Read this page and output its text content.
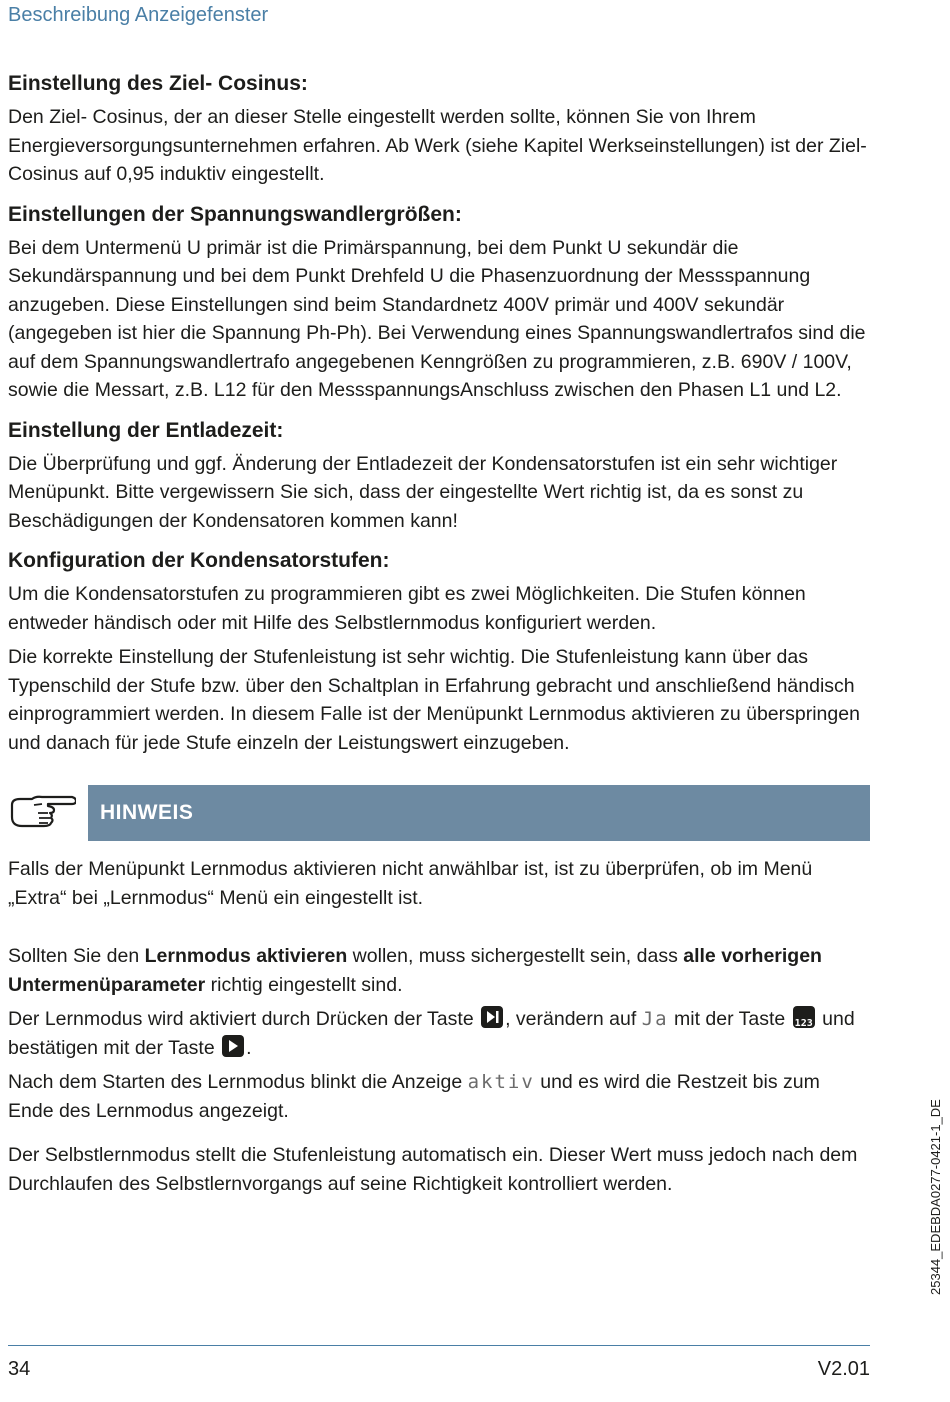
Beschreibung Anzeigefenster
Einstellung des Ziel- Cosinus:

Den Ziel- Cosinus, der an dieser Stelle eingestellt werden sollte, können Sie von Ihrem Energieversorgungsunternehmen erfahren. Ab Werk (siehe Kapitel Werkseinstellungen) ist der Ziel- Cosinus auf 0,95 induktiv eingestellt.

Einstellungen der Spannungswandlergrößen:

Bei dem Untermenü U primär ist die Primärspannung, bei dem Punkt U sekundär die Sekundärspannung und bei dem Punkt Drehfeld U die Phasenzuordnung der Messspannung anzugeben. Diese Einstellungen sind beim Standardnetz 400V primär und 400V sekundär (angegeben ist hier die Spannung Ph-Ph). Bei Verwendung eines Spannungswandlertrafos sind die auf dem Spannungswandlertrafo angegebenen Kenngrößen zu programmieren, z.B. 690V / 100V, sowie die Messart, z.B. L12 für den MessspannungsAnschluss zwischen den Phasen L1 und L2.

Einstellung der Entladezeit:

Die Überprüfung und ggf. Änderung der Entladezeit der Kondensatorstufen ist ein sehr wichtiger Menüpunkt. Bitte vergewissern Sie sich, dass der eingestellte Wert richtig ist, da es sonst zu Beschädigungen der Kondensatoren kommen kann!

Konfiguration der Kondensatorstufen:

Um die Kondensatorstufen zu programmieren gibt es zwei Möglichkeiten. Die Stufen können entweder händisch oder mit Hilfe des Selbstlernmodus konfiguriert werden.

Die korrekte Einstellung der Stufenleistung ist sehr wichtig. Die Stufenleistung kann über das Typenschild der Stufe bzw. über den Schaltplan in Erfahrung gebracht und anschließend händisch einprogrammiert werden. In diesem Falle ist der Menüpunkt Lernmodus aktivieren zu überspringen und danach für jede Stufe einzeln der Leistungswert einzugeben.

HINWEIS

Falls der Menüpunkt Lernmodus aktivieren nicht anwählbar ist, ist zu überprüfen, ob im Menü „Extra“ bei „Lernmodus“ Menü ein eingestellt ist.

Sollten Sie den Lernmodus aktivieren wollen, muss sichergestellt sein, dass alle vorherigen Untermenüparameter richtig eingestellt sind.

Der Lernmodus wird aktiviert durch Drücken der Taste , verändern auf Ja mit der Taste 123 und bestätigen mit der Taste .

Nach dem Starten des Lernmodus blinkt die Anzeige aktiv und es wird die Restzeit bis zum Ende des Lernmodus angezeigt.

Der Selbstlernmodus stellt die Stufenleistung automatisch ein. Dieser Wert muss jedoch nach dem Durchlaufen des Selbstlernvorgangs auf seine Richtigkeit kontrolliert werden.

34	V2.01
25344_EDEBDA0277-0421-1_DE
